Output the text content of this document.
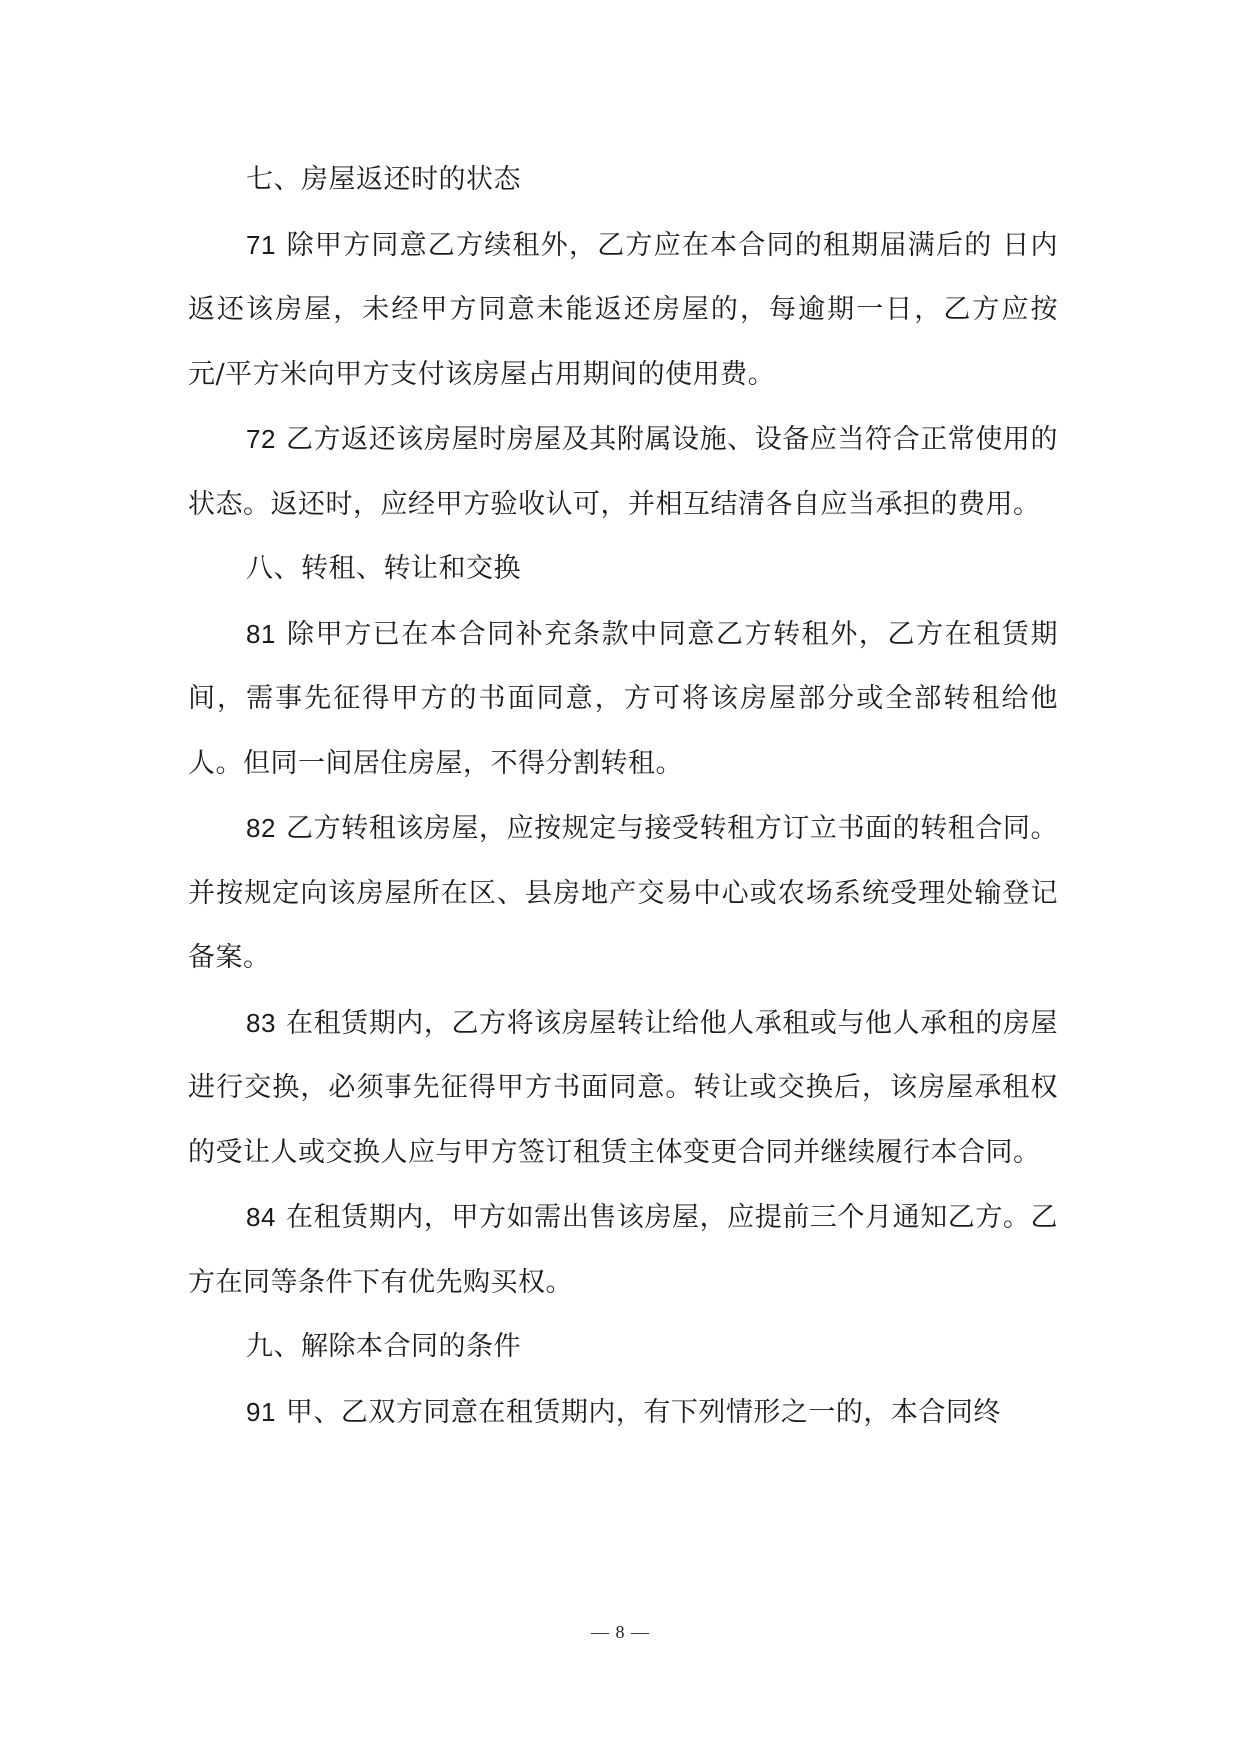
七、房屋返还时的状态

71 除甲方同意乙方续租外，乙方应在本合同的租期届满后的 日内返还该房屋，未经甲方同意未能返还房屋的，每逾期一日，乙方应按 元/平方米向甲方支付该房屋占用期间的使用费。

72 乙方返还该房屋时房屋及其附属设施、设备应当符合正常使用的状态。返还时，应经甲方验收认可，并相互结清各自应当承担的费用。

八、转租、转让和交换

81 除甲方已在本合同补充条款中同意乙方转租外，乙方在租赁期间，需事先征得甲方的书面同意，方可将该房屋部分或全部转租给他人。但同一间居住房屋，不得分割转租。

82 乙方转租该房屋，应按规定与接受转租方订立书面的转租合同。并按规定向该房屋所在区、县房地产交易中心或农场系统受理处输登记备案。

83 在租赁期内，乙方将该房屋转让给他人承租或与他人承租的房屋进行交换，必须事先征得甲方书面同意。转让或交换后，该房屋承租权的受让人或交换人应与甲方签订租赁主体变更合同并继续履行本合同。

84 在租赁期内，甲方如需出售该房屋，应提前三个月通知乙方。乙方在同等条件下有优先购买权。

九、解除本合同的条件

91 甲、乙双方同意在租赁期内，有下列情形之一的，本合同终

— 8 —
